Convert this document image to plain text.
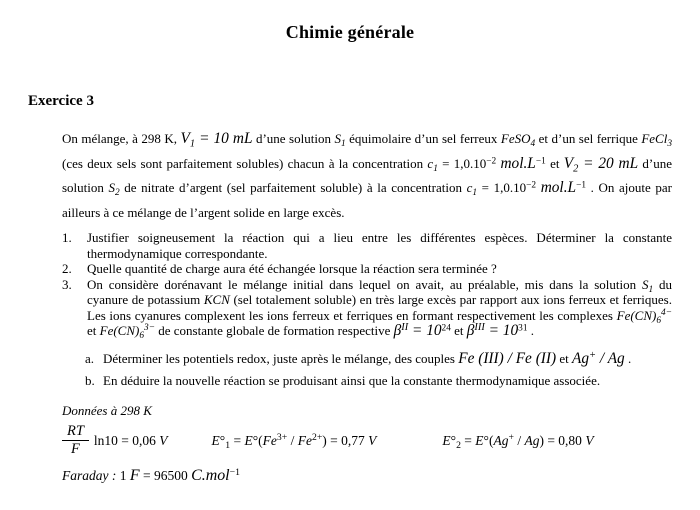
Chimie générale
Exercice 3

On mélange, à 298 K, $V_1 = 10$ mL d’une solution $S_1$ équimolaire d’un sel ferreux FeSO$_4$ et d’un sel ferrique FeCl$_3$ (ces deux sels sont parfaitement solubles) chacun à la concentration $c_1 = 1,0.10^{-2}$ $mol.L^{-1}$ et $V_2 = 20$ mL d’une solution $S_2$ de nitrate d’argent (sel parfaitement soluble) à la concentration $c_1 = 1,0.10^{-2}$ $mol.L^{-1}$ . On ajoute par ailleurs à ce mélange de l’argent solide en large excès.

1.	Justifier soigneusement la réaction qui a lieu entre les différentes espèces. Déterminer la constante thermodynamique correspondante.
2.	Quelle quantité de charge aura été échangée lorsque la réaction sera terminée ?
3.	On considère dorénavant le mélange initial dans lequel on avait, au préalable, mis dans la solution $S_1$ du cyanure de potassium KCN (sel totalement soluble) en très large excès par rapport aux ions ferreux et ferriques. Les ions cyanures complexent les ions ferreux et ferriques en formant respectivement les complexes $Fe(CN)_6^{4-}$ et $Fe(CN)_6^{3-}$ de constante globale de formation respective $\beta^{II} = 10^{24}$ et $\beta^{III} = 10^{31}$ .
a. Déterminer les potentiels redox, juste après le mélange, des couples Fe (III) / Fe (II) et Ag+ / Ag .
b. En déduire la nouvelle réaction se produisant ainsi que la constante thermodynamique associée.
Données à 298 K
$\frac{RT}{F} \ln 10 = 0,06$ V	$E^\circ_1 = E^\circ(Fe^{3+} / Fe^{2+}) = 0,77$ V	$E^\circ_2 = E^\circ(Ag^+ / Ag) = 0,80$ V
Faraday : 1 F = 96500 C.mol$^{-1}$
